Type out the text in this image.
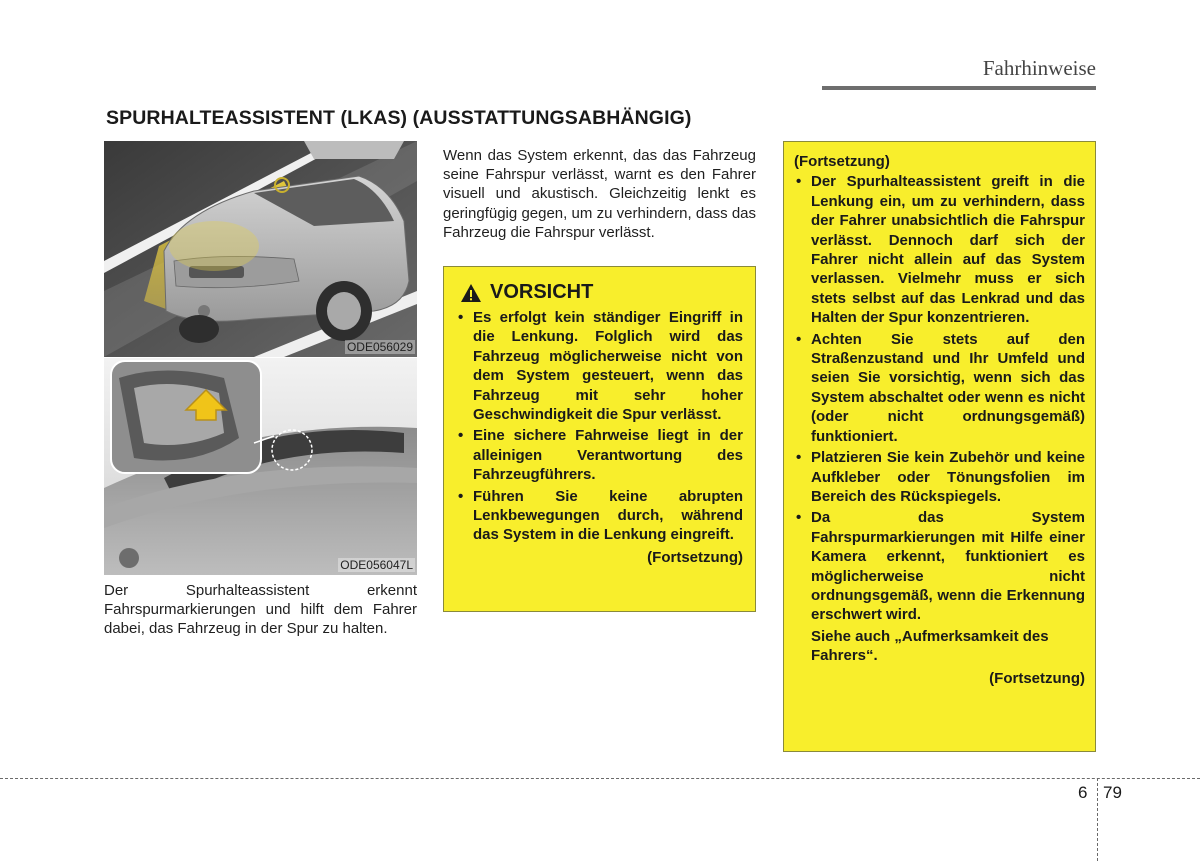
Fahrhinweise
SPURHALTEASSISTENT (LKAS) (AUSSTATTUNGSABHÄNGIG)
ODE056029
ODE056047L
Der Spurhalteassistent erkennt Fahrspurmarkierungen und hilft dem Fahrer dabei, das Fahrzeug in der Spur zu halten.
Wenn das System erkennt, das das Fahrzeug seine Fahrspur verlässt, warnt es den Fahrer visuell und akustisch. Gleichzeitig lenkt es geringfügig gegen, um zu verhindern, dass das Fahrzeug die Fahrspur verlässt.
VORSICHT
• Es erfolgt kein ständiger Eingriff in die Lenkung. Folglich wird das Fahrzeug möglicherweise nicht von dem System gesteuert, wenn das Fahrzeug mit sehr hoher Geschwindigkeit die Spur verlässt.
• Eine sichere Fahrweise liegt in der alleinigen Verantwortung des Fahrzeugführers.
• Führen Sie keine abrupten Lenkbewegungen durch, während das System in die Lenkung eingreift.
(Fortsetzung)
(Fortsetzung)
• Der Spurhalteassistent greift in die Lenkung ein, um zu verhindern, dass der Fahrer unabsichtlich die Fahrspur verlässt. Dennoch darf sich der Fahrer nicht allein auf das System verlassen. Vielmehr muss er sich stets selbst auf das Lenkrad und das Halten der Spur konzentrieren.
• Achten Sie stets auf den Straßenzustand und Ihr Umfeld und seien Sie vorsichtig, wenn sich das System abschaltet oder wenn es nicht (oder nicht ordnungsgemäß) funktioniert.
• Platzieren Sie kein Zubehör und keine Aufkleber oder Tönungsfolien im Bereich des Rückspiegels.
• Da das System Fahrspurmarkierungen mit Hilfe einer Kamera erkennt, funktioniert es möglicherweise nicht ordnungsgemäß, wenn die Erkennung erschwert wird.
Siehe auch „Aufmerksamkeit des Fahrers“.
(Fortsetzung)
6 79
